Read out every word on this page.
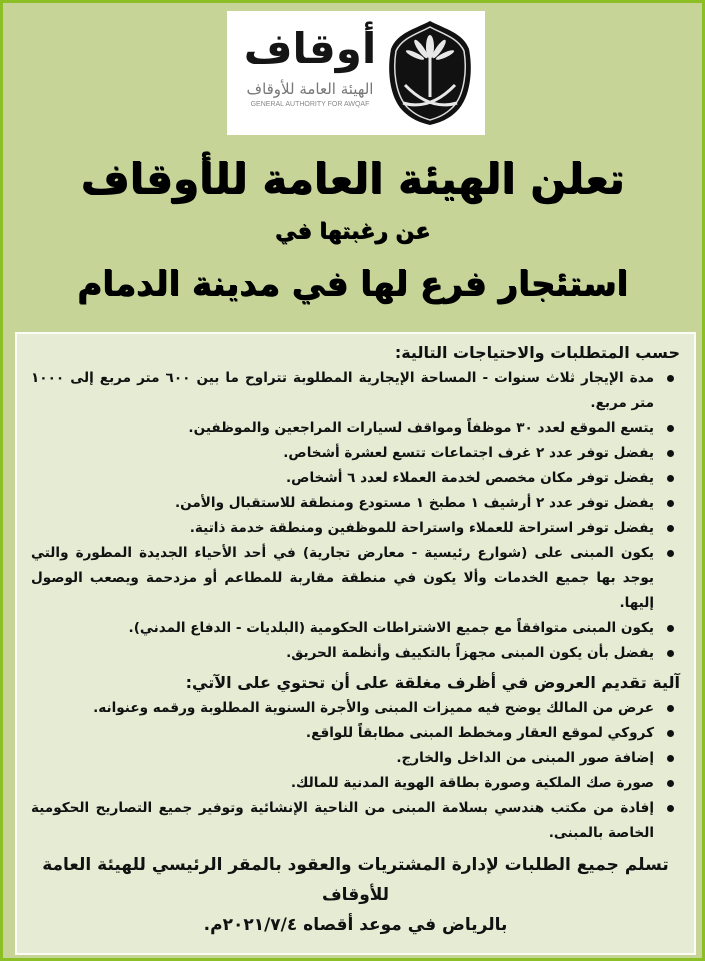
أوقاف
الهيئة العامة للأوقاف
GENERAL AUTHORITY FOR AWQAF
تعلن الهيئة العامة للأوقاف
عن رغبتها في
استئجار فرع لها في مدينة الدمام
حسب المتطلبات والاحتياجات التالية:
مدة الإيجار ثلاث سنوات - المساحة الإيجارية المطلوبة تتراوح ما بين ٦٠٠ متر مربع إلى ١٠٠٠ متر مربع.
يتسع الموقع لعدد ٣٠ موظفاً ومواقف لسيارات المراجعين والموظفين.
يفضل توفر عدد ٢ غرف اجتماعات تتسع لعشرة أشخاص.
يفضل توفر مكان مخصص لخدمة العملاء لعدد ٦ أشخاص.
يفضل توفر عدد ٢ أرشيف ١ مطبخ ١ مستودع ومنطقة للاستقبال والأمن.
يفضل توفر استراحة للعملاء واستراحة للموظفين ومنطقة خدمة ذاتية.
يكون المبنى على (شوارع رئيسية - معارض تجارية) في أحد الأحياء الجديدة المطورة والتي يوجد بها جميع الخدمات وألا يكون في منطقة مقاربة للمطاعم أو مزدحمة ويصعب الوصول إليها.
يكون المبنى متوافقاً مع جميع الاشتراطات الحكومية (البلديات - الدفاع المدني).
يفضل بأن يكون المبنى مجهزاً بالتكييف وأنظمة الحريق.
آلية تقديم العروض في أظرف مغلقة على أن تحتوي على الآتي:
عرض من المالك يوضح فيه مميزات المبنى والأجرة السنوية المطلوبة ورقمه وعنوانه.
كروكي لموقع العقار ومخطط المبنى مطابقاً للواقع.
إضافة صور المبنى من الداخل والخارج.
صورة صك الملكية وصورة بطاقة الهوية المدنية للمالك.
إفادة من مكتب هندسي بسلامة المبنى من الناحية الإنشائية وتوفير جميع التصاريح الحكومية الخاصة بالمبنى.
تسلم جميع الطلبات لإدارة المشتريات والعقود بالمقر الرئيسي للهيئة العامة للأوقاف
بالرياض في موعد أقصاه ٢٠٢١/٧/٤م.
